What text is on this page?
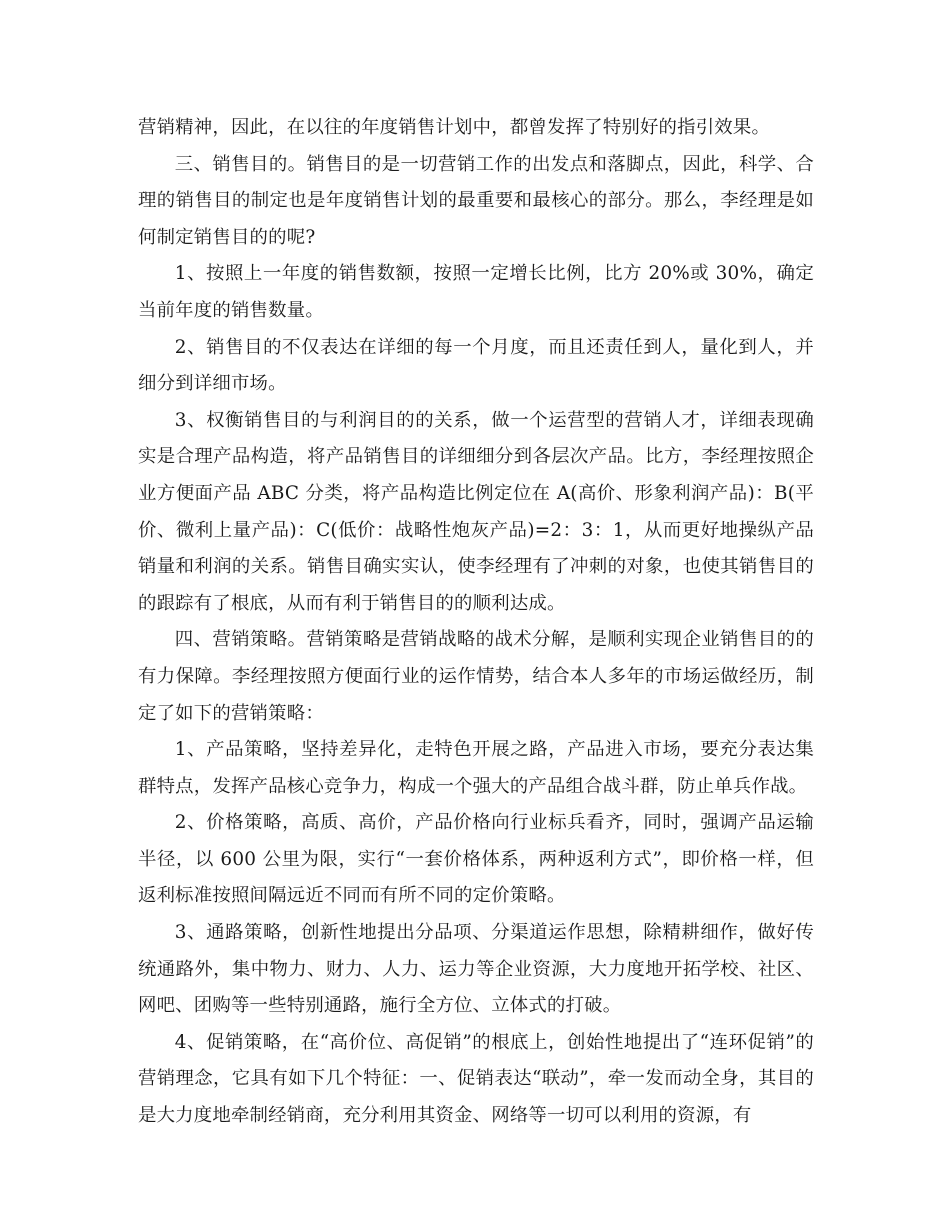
营销精神，因此，在以往的年度销售计划中，都曾发挥了特别好的指引效果。

三、销售目的。销售目的是一切营销工作的出发点和落脚点，因此，科学、合理的销售目的制定也是年度销售计划的最重要和最核心的部分。那么，李经理是如何制定销售目的的呢?

1、按照上一年度的销售数额，按照一定增长比例，比方 20%或 30%，确定当前年度的销售数量。

2、销售目的不仅表达在详细的每一个月度，而且还责任到人，量化到人，并细分到详细市场。

3、权衡销售目的与利润目的的关系，做一个运营型的营销人才，详细表现确实是合理产品构造，将产品销售目的详细细分到各层次产品。比方，李经理按照企业方便面产品 ABC 分类，将产品构造比例定位在 A(高价、形象利润产品)：B(平价、微利上量产品)：C(低价：战略性炮灰产品)=2：3：1，从而更好地操纵产品销量和利润的关系。销售目确实实认，使李经理有了冲刺的对象，也使其销售目的的跟踪有了根底，从而有利于销售目的的顺利达成。

四、营销策略。营销策略是营销战略的战术分解，是顺利实现企业销售目的的有力保障。李经理按照方便面行业的运作情势，结合本人多年的市场运做经历，制定了如下的营销策略：

1、产品策略，坚持差异化，走特色开展之路，产品进入市场，要充分表达集群特点，发挥产品核心竞争力，构成一个强大的产品组合战斗群，防止单兵作战。

2、价格策略，高质、高价，产品价格向行业标兵看齐，同时，强调产品运输半径，以 600 公里为限，实行“一套价格体系，两种返利方式”，即价格一样，但返利标准按照间隔远近不同而有所不同的定价策略。

3、通路策略，创新性地提出分品项、分渠道运作思想，除精耕细作，做好传统通路外，集中物力、财力、人力、运力等企业资源，大力度地开拓学校、社区、网吧、团购等一些特别通路，施行全方位、立体式的打破。

4、促销策略，在“高价位、高促销”的根底上，创始性地提出了“连环促销”的营销理念，它具有如下几个特征：一、促销表达“联动”，牵一发而动全身，其目的是大力度地牵制经销商，充分利用其资金、网络等一切可以利用的资源，有
